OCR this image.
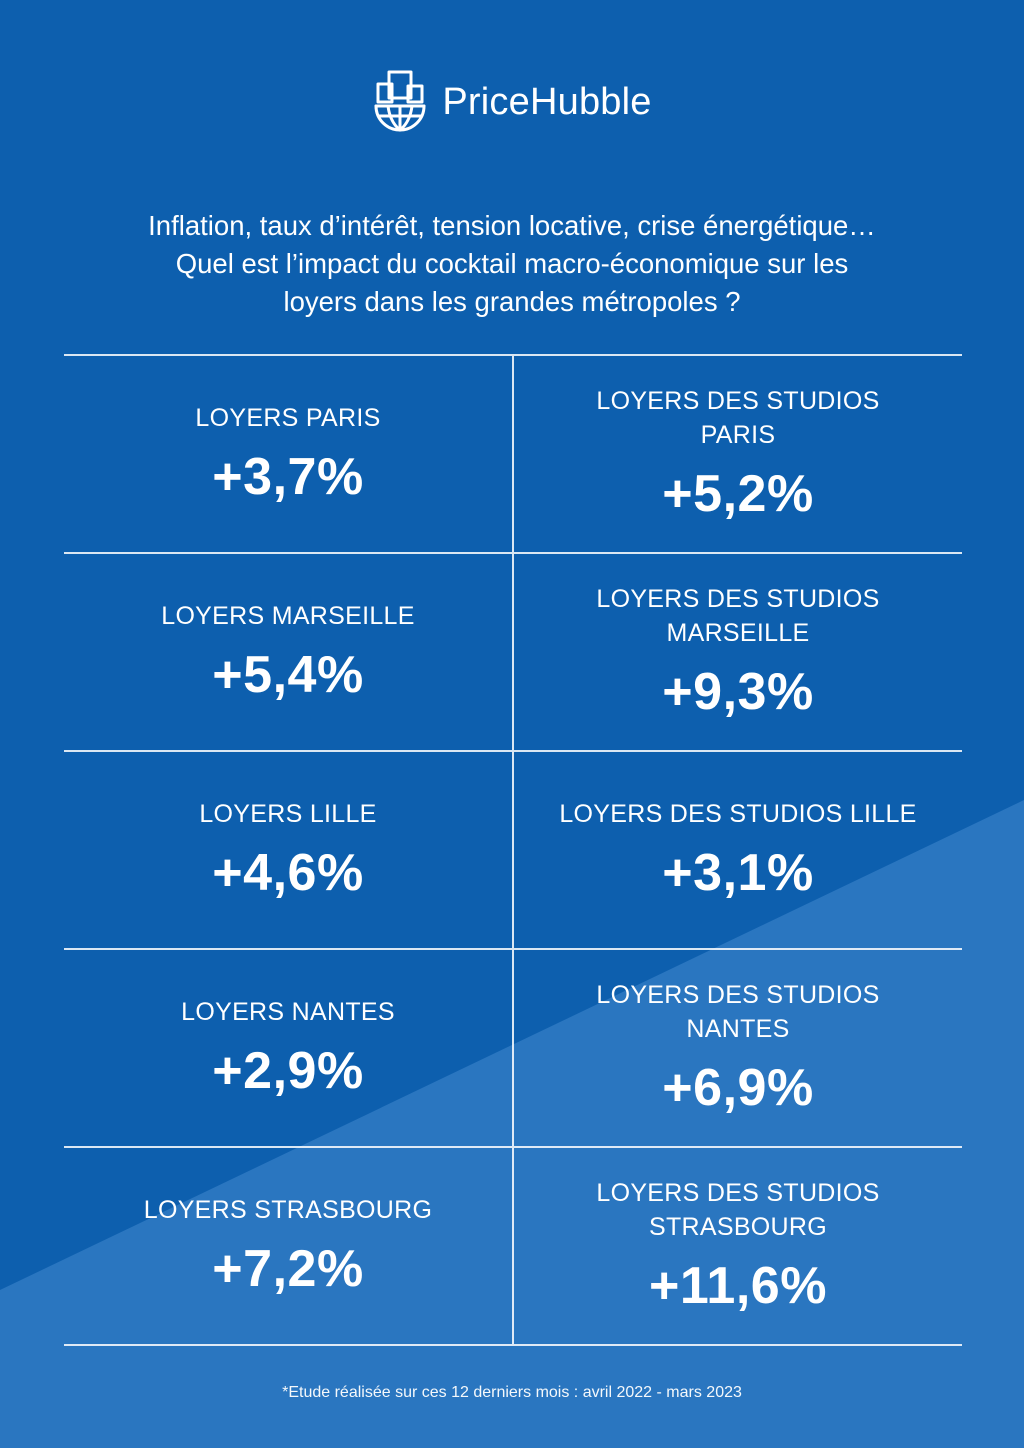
PriceHubble
Inflation, taux d’intérêt, tension locative, crise énergétique…
Quel est l’impact du cocktail macro-économique sur les
loyers dans les grandes métropoles ?
LOYERS PARIS
+3,7%
LOYERS DES STUDIOS PARIS
+5,2%
LOYERS MARSEILLE
+5,4%
LOYERS DES STUDIOS MARSEILLE
+9,3%
LOYERS LILLE
+4,6%
LOYERS DES STUDIOS LILLE
+3,1%
LOYERS NANTES
+2,9%
LOYERS DES STUDIOS NANTES
+6,9%
LOYERS STRASBOURG
+7,2%
LOYERS DES STUDIOS STRASBOURG
+11,6%
*Etude réalisée sur ces 12 derniers mois : avril 2022 - mars 2023
